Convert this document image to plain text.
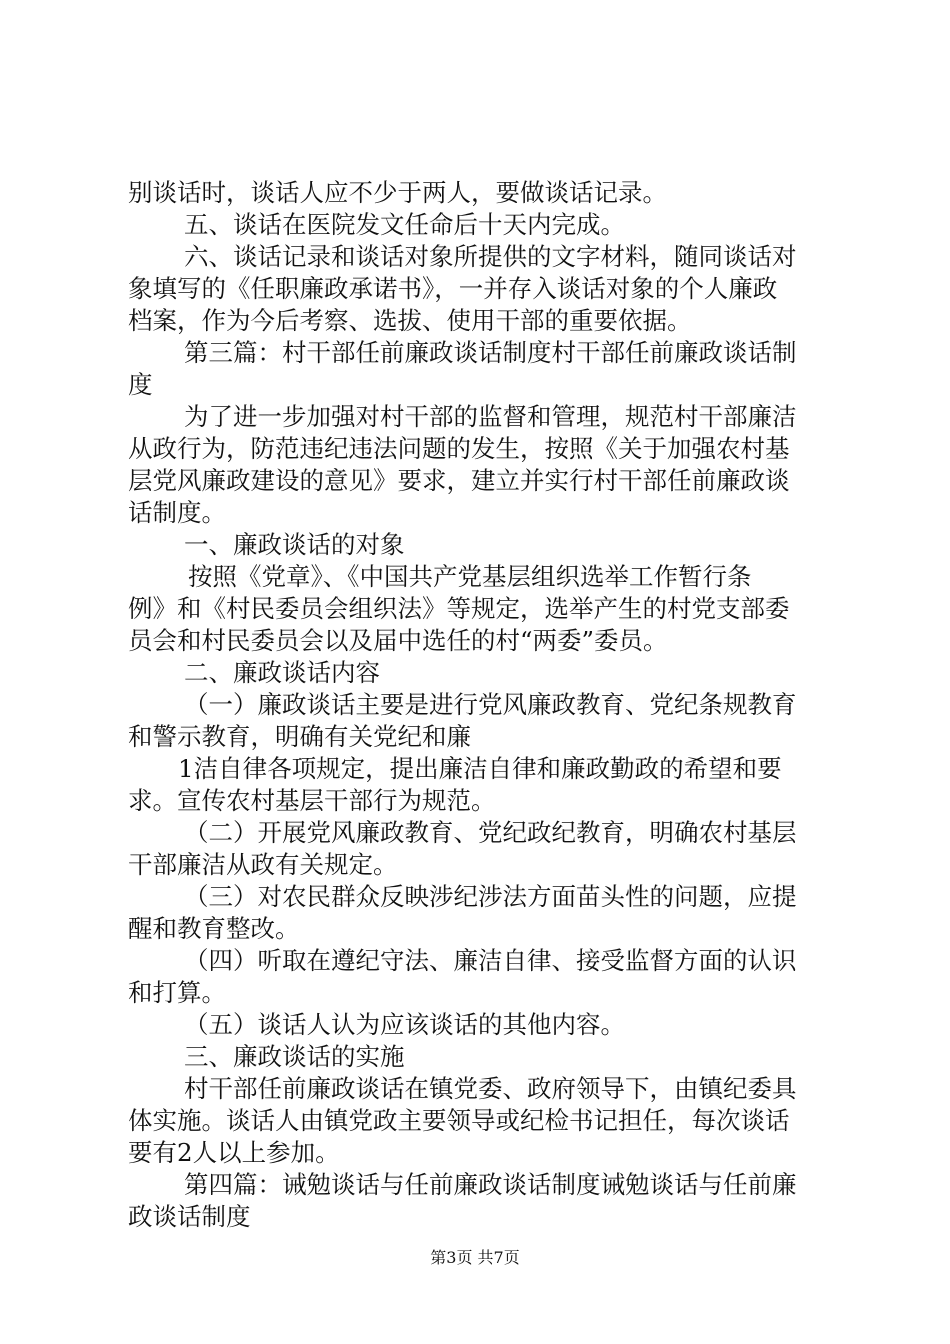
别谈话时，谈话人应不少于两人，要做谈话记录。
五、谈话在医院发文任命后十天内完成。
六、谈话记录和谈话对象所提供的文字材料，随同谈话对
象填写的《任职廉政承诺书》，一并存入谈话对象的个人廉政
档案，作为今后考察、选拔、使用干部的重要依据。
第三篇：村干部任前廉政谈话制度村干部任前廉政谈话制
度
为了进一步加强对村干部的监督和管理，规范村干部廉洁
从政行为，防范违纪违法问题的发生，按照《关于加强农村基
层党风廉政建设的意见》要求，建立并实行村干部任前廉政谈
话制度。
一、廉政谈话的对象
按照《党章》、《中国共产党基层组织选举工作暂行条
例》和《村民委员会组织法》等规定，选举产生的村党支部委
员会和村民委员会以及届中选任的村“两委”委员。
二、廉政谈话内容
（一）廉政谈话主要是进行党风廉政教育、党纪条规教育
和警示教育，明确有关党纪和廉
1洁自律各项规定，提出廉洁自律和廉政勤政的希望和要
求。宣传农村基层干部行为规范。
（二）开展党风廉政教育、党纪政纪教育，明确农村基层
干部廉洁从政有关规定。
（三）对农民群众反映涉纪涉法方面苗头性的问题，应提
醒和教育整改。
（四）听取在遵纪守法、廉洁自律、接受监督方面的认识
和打算。
（五）谈话人认为应该谈话的其他内容。
三、廉政谈话的实施
村干部任前廉政谈话在镇党委、政府领导下，由镇纪委具
体实施。谈话人由镇党政主要领导或纪检书记担任，每次谈话
要有2人以上参加。
第四篇：诫勉谈话与任前廉政谈话制度诫勉谈话与任前廉
政谈话制度
第3页 共7页
